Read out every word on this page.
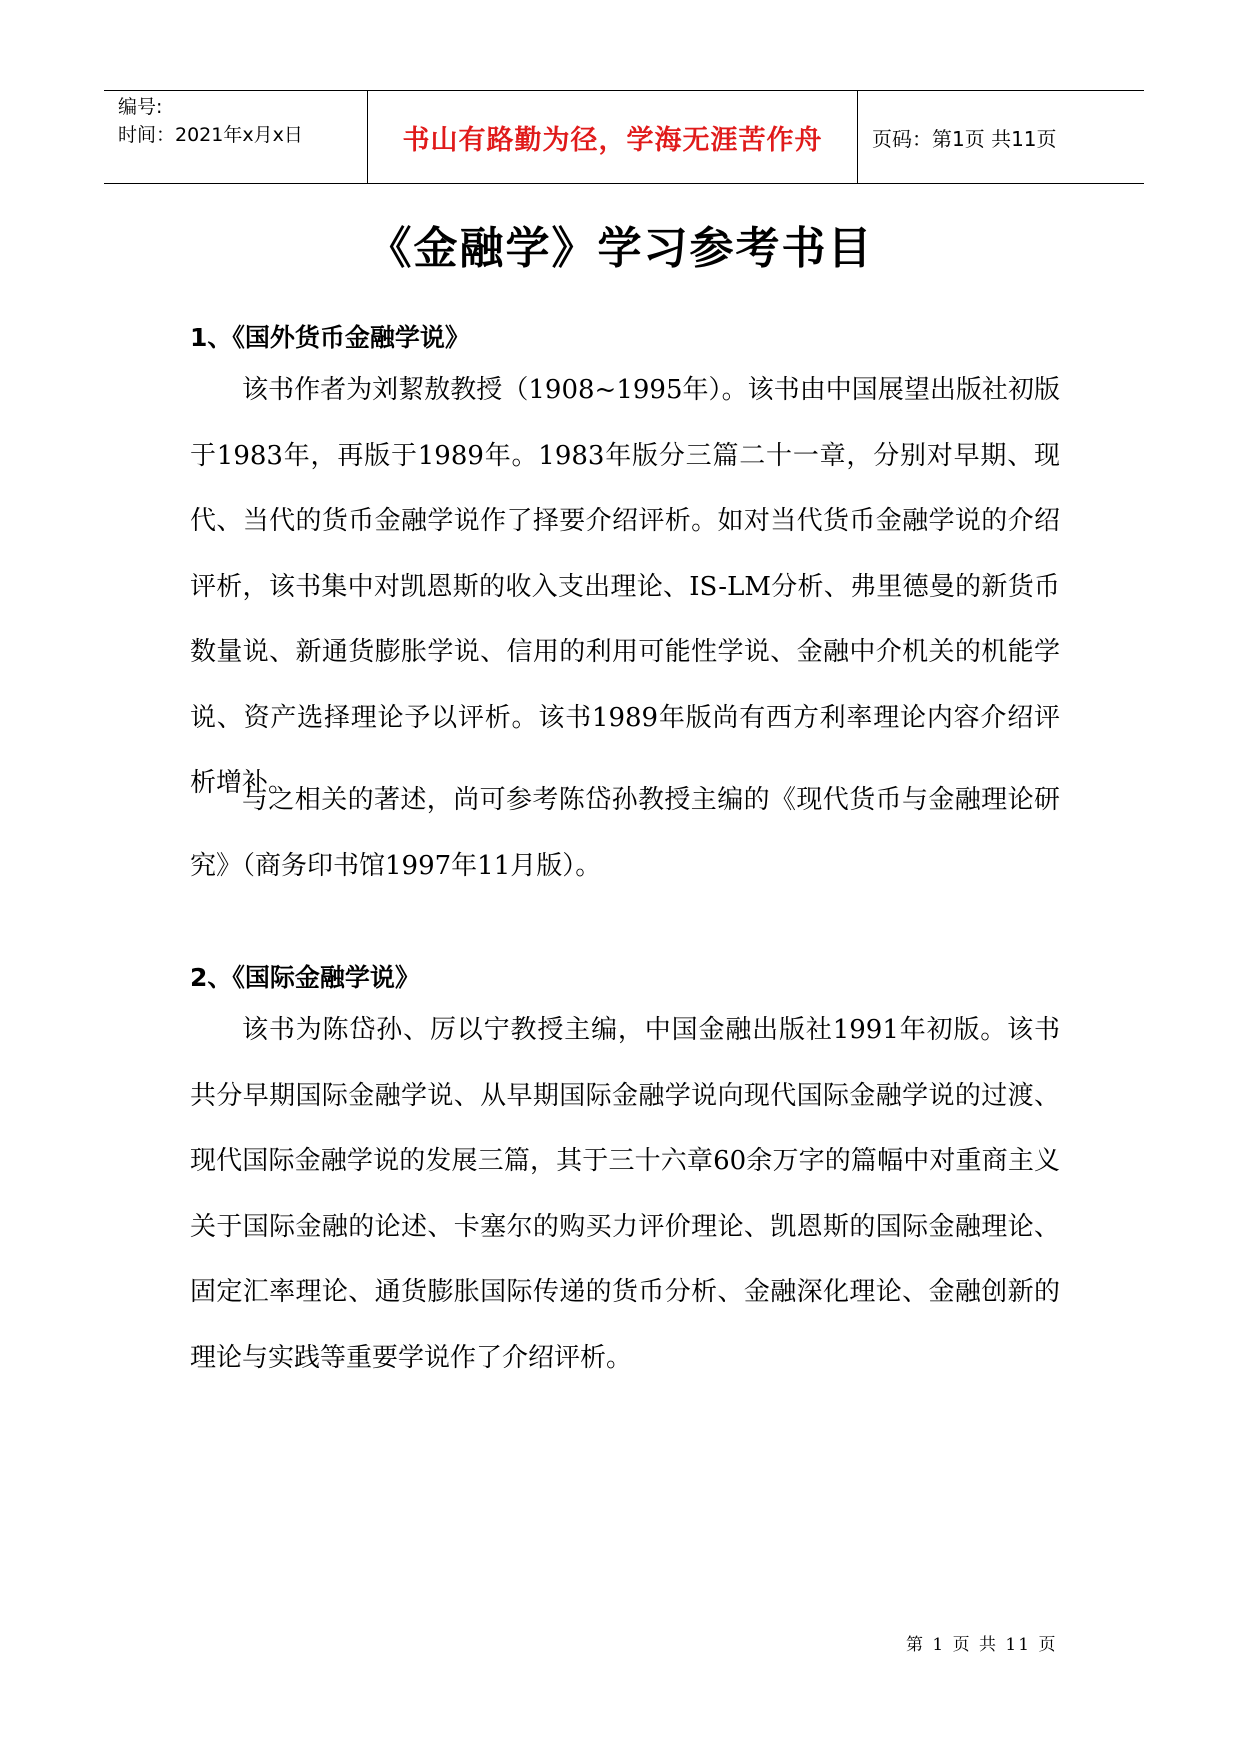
编号:
时间：2021年x月x日	书山有路勤为径，学海无涯苦作舟	页码：第1页 共11页
《金融学》学习参考书目
1、《国外货币金融学说》

该书作者为刘絜敖教授（1908~1995年）。该书由中国展望出版社初版于1983年，再版于1989年。1983年版分三篇二十一章，分别对早期、现代、当代的货币金融学说作了择要介绍评析。如对当代货币金融学说的介绍评析，该书集中对凯恩斯的收入支出理论、IS-LM分析、弗里德曼的新货币数量说、新通货膨胀学说、信用的利用可能性学说、金融中介机关的机能学说、资产选择理论予以评析。该书1989年版尚有西方利率理论内容介绍评析增补。

与之相关的著述，尚可参考陈岱孙教授主编的《现代货币与金融理论研究》（商务印书馆1997年11月版）。

2、《国际金融学说》

该书为陈岱孙、厉以宁教授主编，中国金融出版社1991年初版。该书共分早期国际金融学说、从早期国际金融学说向现代国际金融学说的过渡、现代国际金融学说的发展三篇，其于三十六章60余万字的篇幅中对重商主义关于国际金融的论述、卡塞尔的购买力评价理论、凯恩斯的国际金融理论、固定汇率理论、通货膨胀国际传递的货币分析、金融深化理论、金融创新的理论与实践等重要学说作了介绍评析。

第 1 页 共 11 页
